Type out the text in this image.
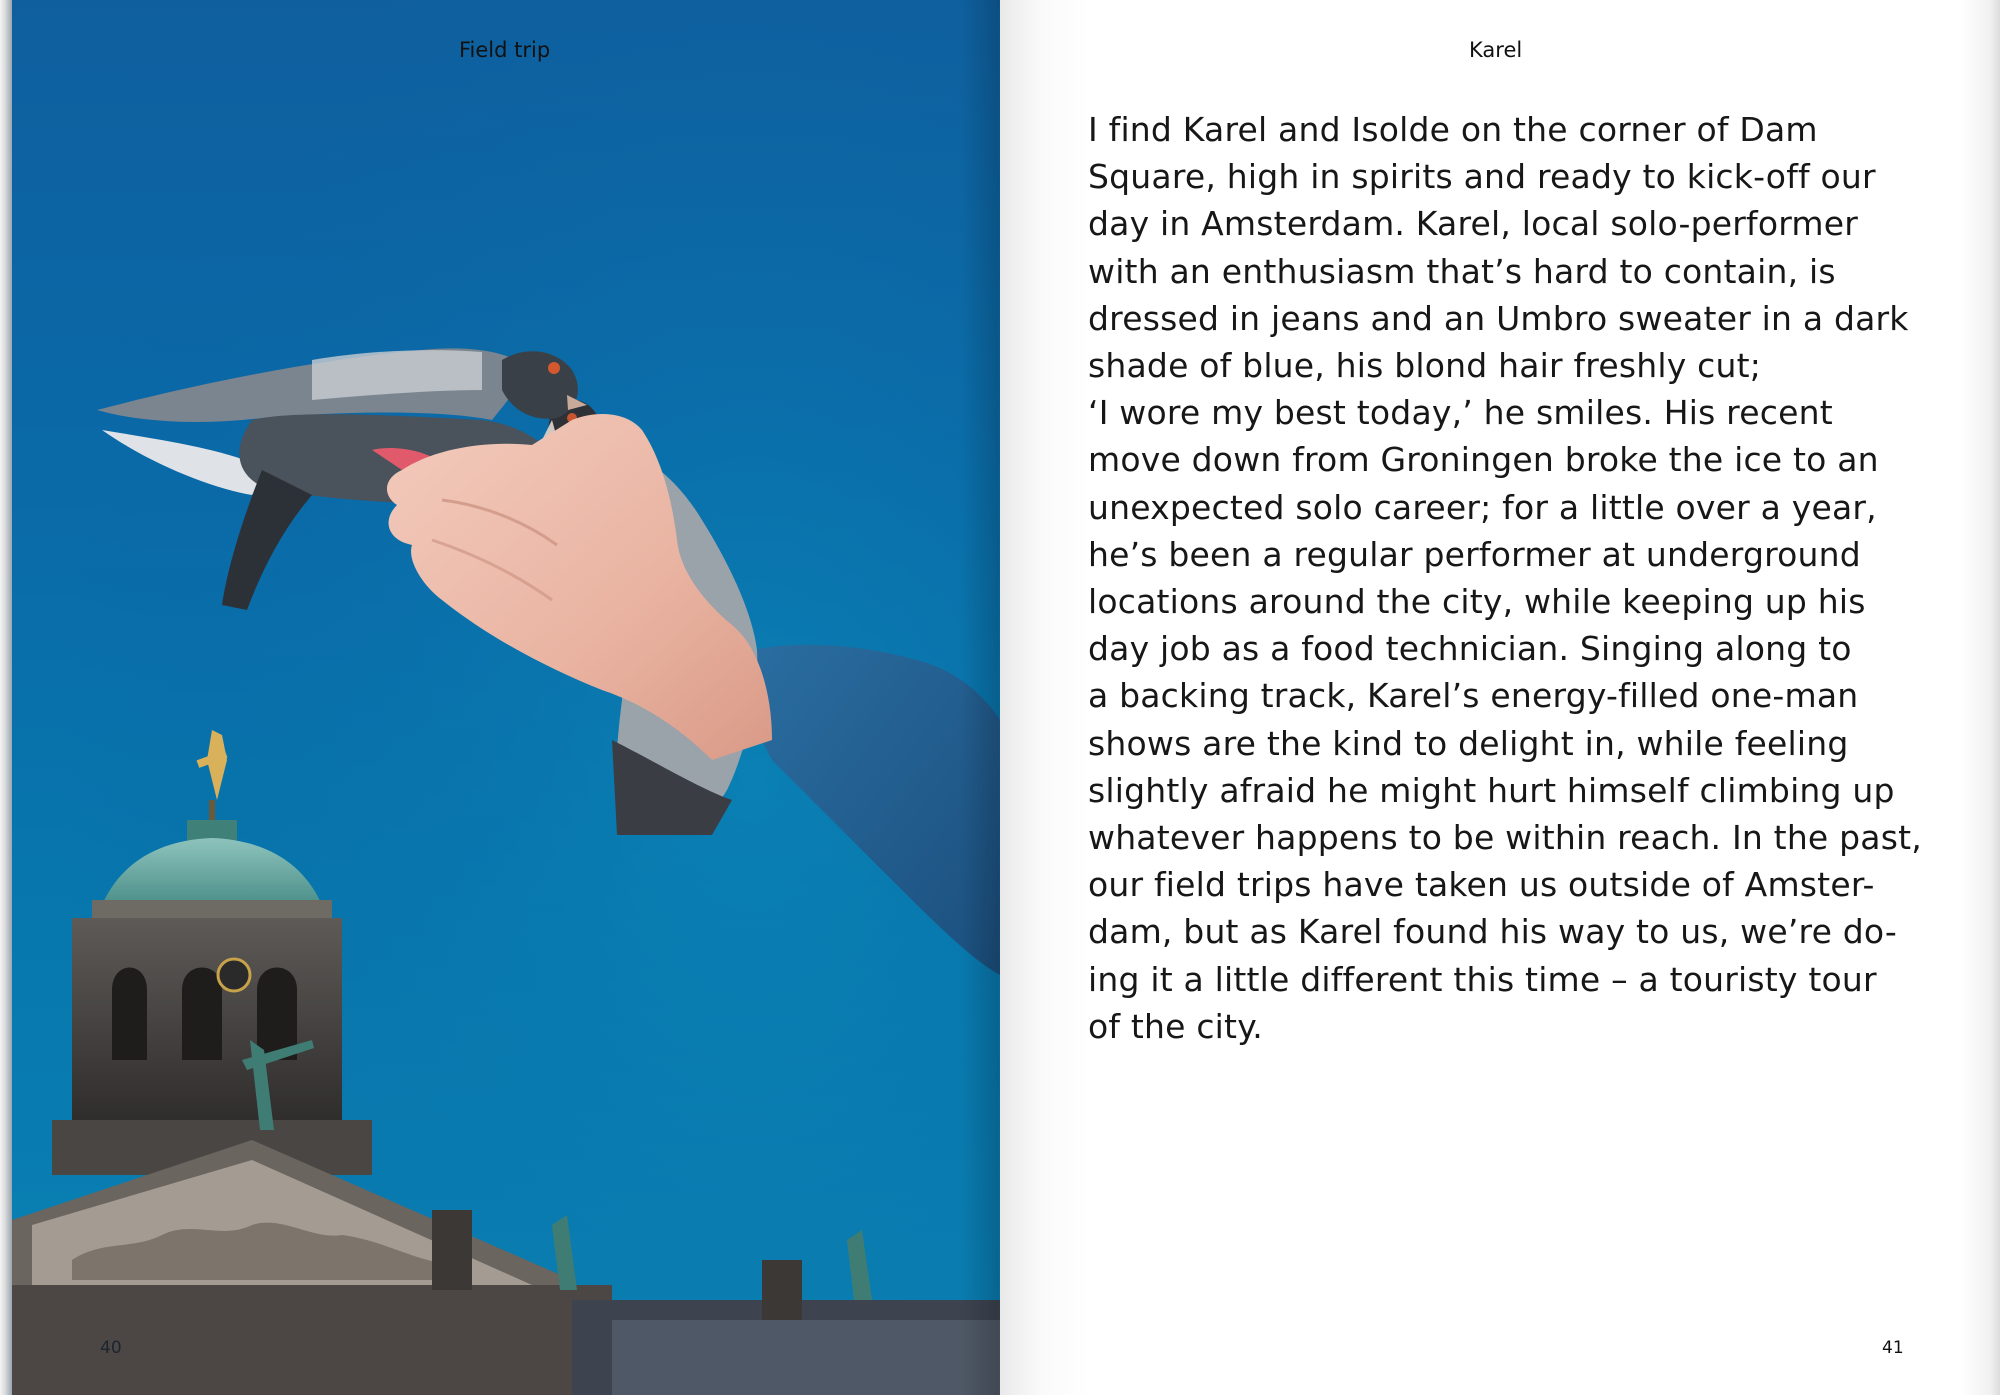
Field trip
40
Karel
I find Karel and Isolde on the corner of Dam
Square, high in spirits and ready to kick-off our
day in Amsterdam. Karel, local solo-performer
with an enthusiasm that’s hard to contain, is
dressed in jeans and an Umbro sweater in a dark
shade of blue, his blond hair freshly cut;
‘I wore my best today,’ he smiles. His recent
move down from Groningen broke the ice to an
unexpected solo career; for a little over a year,
he’s been a regular performer at underground
locations around the city, while keeping up his
day job as a food technician. Singing along to
a backing track, Karel’s energy-filled one-man
shows are the kind to delight in, while feeling
slightly afraid he might hurt himself climbing up
whatever happens to be within reach. In the past,
our field trips have taken us outside of Amster-
dam, but as Karel found his way to us, we’re do-
ing it a little different this time – a touristy tour
of the city.
41
